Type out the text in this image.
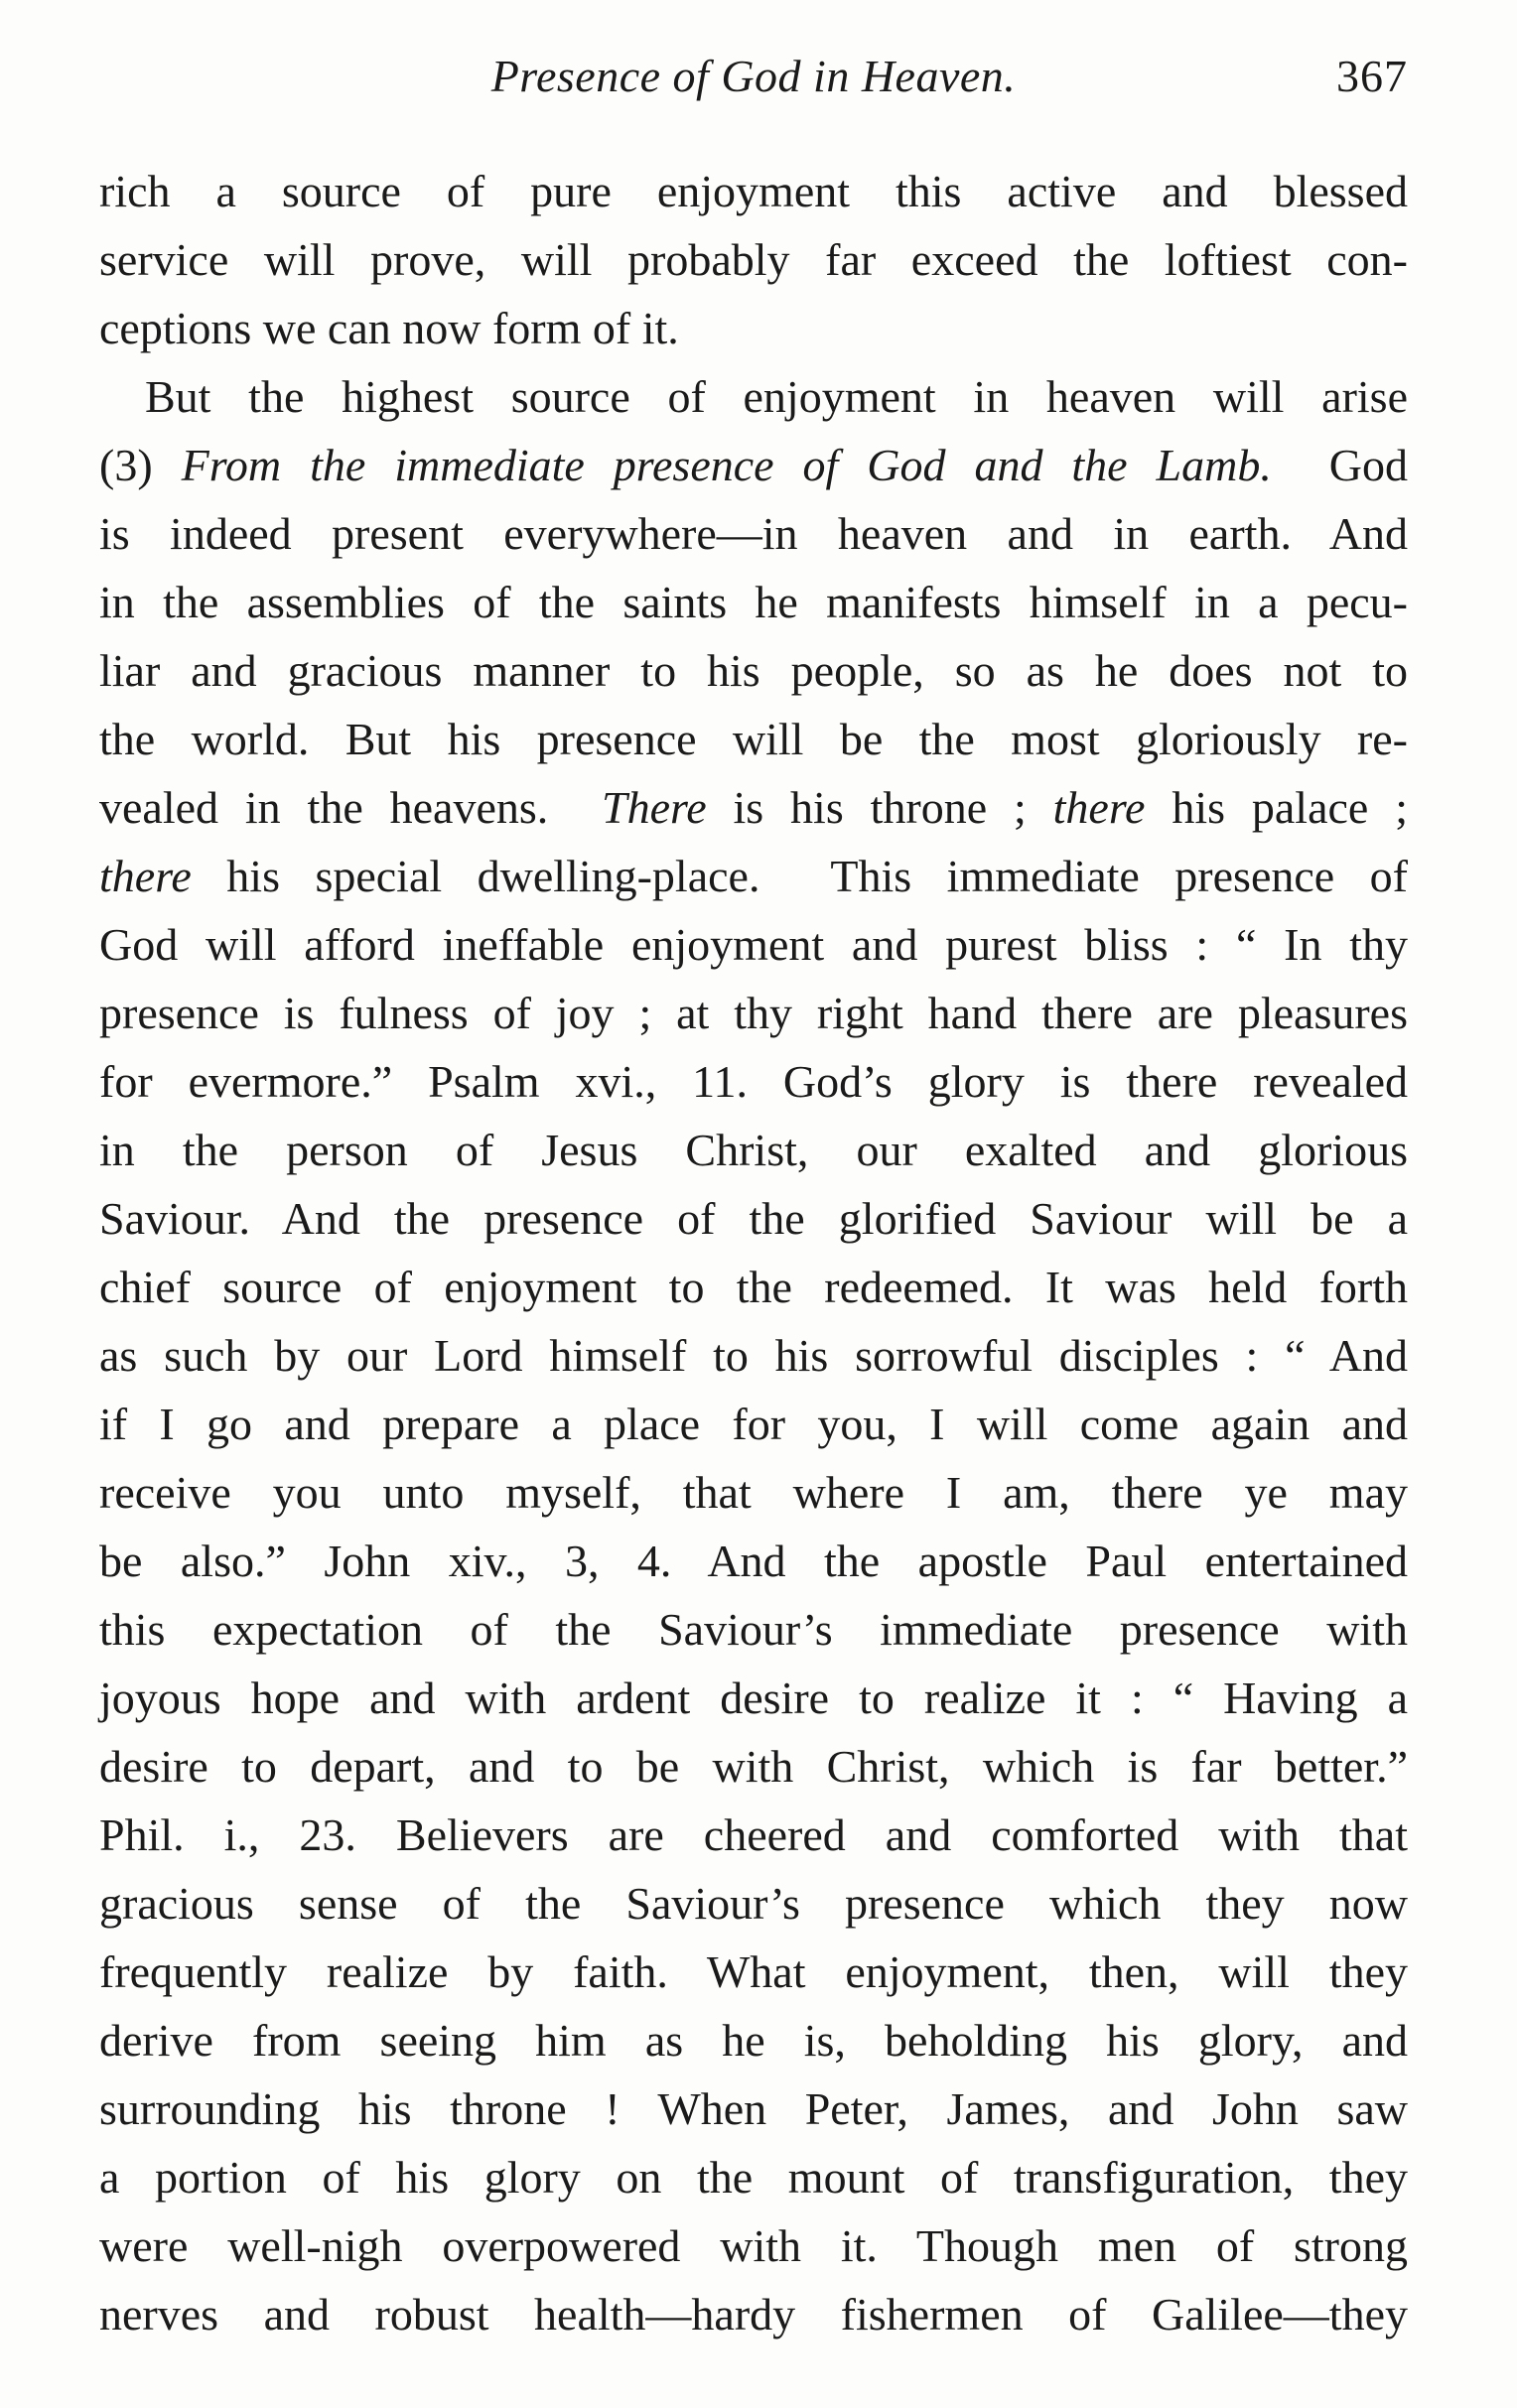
Presence of God in Heaven.	367
rich a source of pure enjoyment this active and blessed
service will prove, will probably far exceed the loftiest con-
ceptions we can now form of it.
But the highest source of enjoyment in heaven will arise
(3) From the immediate presence of God and the Lamb.  God
is indeed present everywhere—in heaven and in earth. And
in the assemblies of the saints he manifests himself in a pecu-
liar and gracious manner to his people, so as he does not to
the world. But his presence will be the most gloriously re-
vealed in the heavens.  There is his throne ; there his palace ;
there his special dwelling-place.  This immediate presence of
God will afford ineffable enjoyment and purest bliss : “ In thy
presence is fulness of joy ; at thy right hand there are pleasures
for evermore.” Psalm xvi., 11. God’s glory is there revealed
in the person of Jesus Christ, our exalted and glorious
Saviour. And the presence of the glorified Saviour will be a
chief source of enjoyment to the redeemed. It was held forth
as such by our Lord himself to his sorrowful disciples : “ And
if I go and prepare a place for you, I will come again and
receive you unto myself, that where I am, there ye may
be also.” John xiv., 3, 4. And the apostle Paul entertained
this expectation of the Saviour’s immediate presence with
joyous hope and with ardent desire to realize it : “ Having a
desire to depart, and to be with Christ, which is far better.”
Phil. i., 23. Believers are cheered and comforted with that
gracious sense of the Saviour’s presence which they now
frequently realize by faith. What enjoyment, then, will they
derive from seeing him as he is, beholding his glory, and
surrounding his throne ! When Peter, James, and John saw
a portion of his glory on the mount of transfiguration, they
were well-nigh overpowered with it. Though men of strong
nerves and robust health—hardy fishermen of Galilee—they
